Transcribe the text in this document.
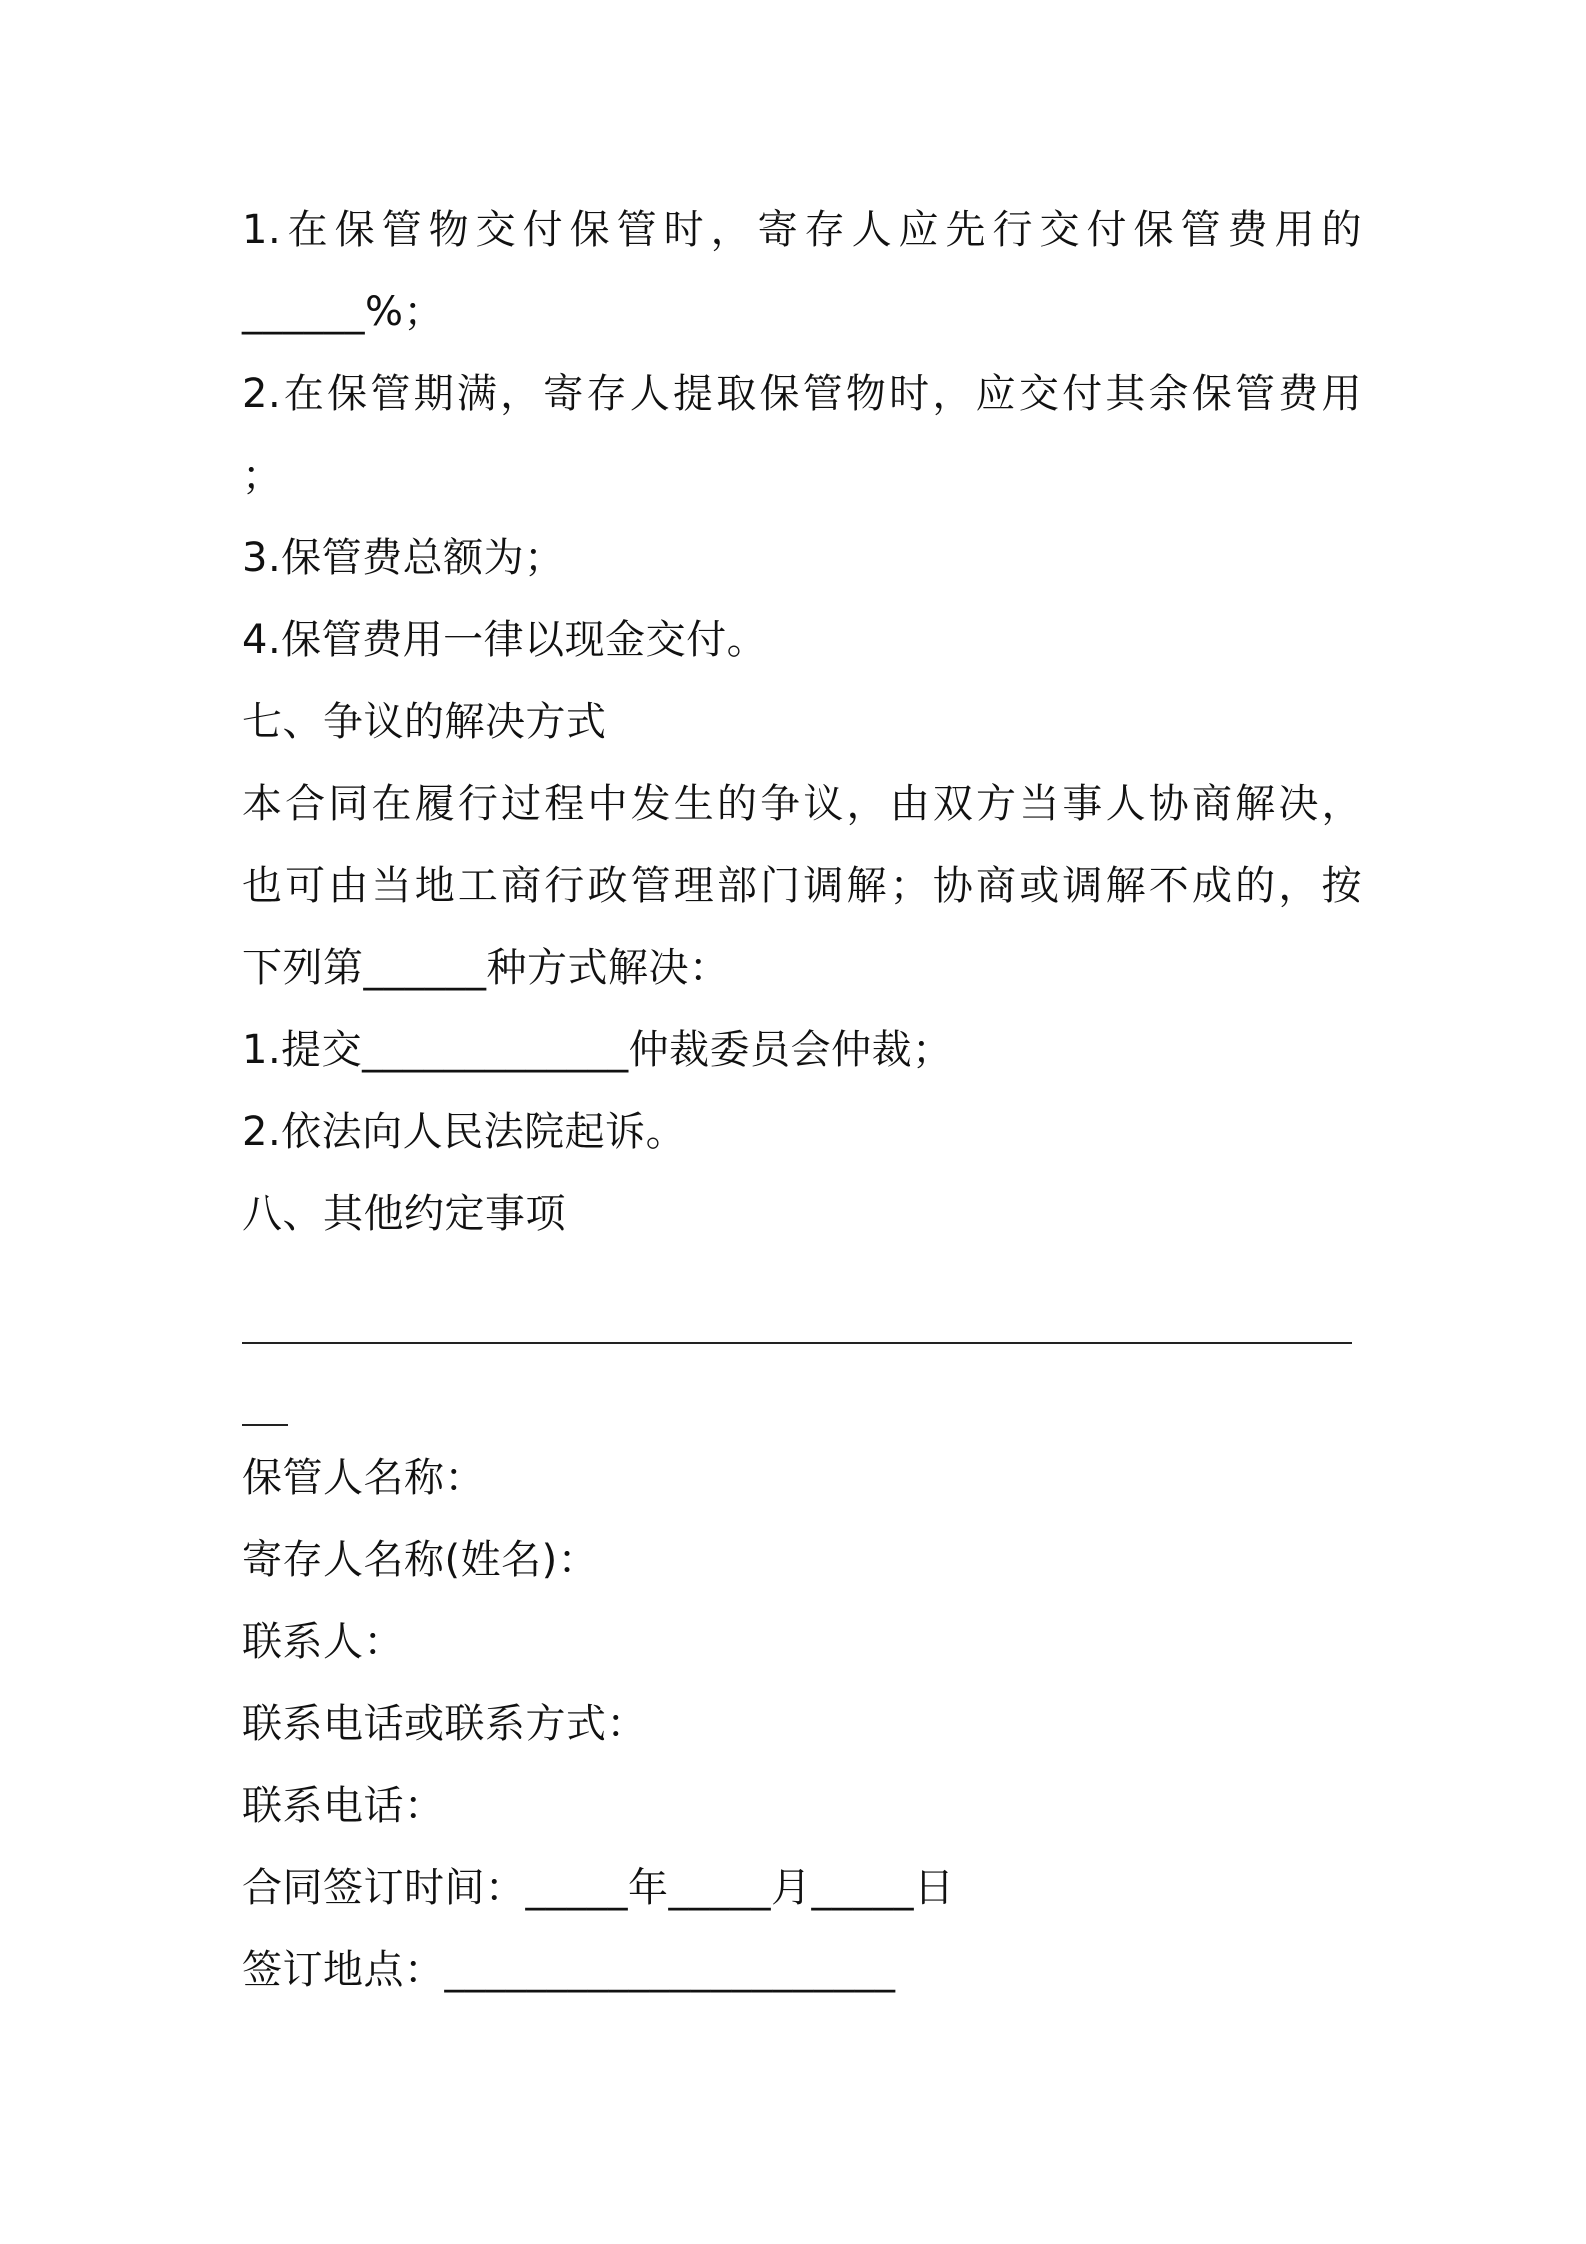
1.在保管物交付保管时，寄存人应先行交付保管费用的
______%；
2.在保管期满，寄存人提取保管物时，应交付其余保管费用
；
3.保管费总额为；
4.保管费用一律以现金交付。
七、争议的解决方式
本合同在履行过程中发生的争议，由双方当事人协商解决，
也可由当地工商行政管理部门调解；协商或调解不成的，按
下列第______种方式解决：
1.提交_____________仲裁委员会仲裁；
2.依法向人民法院起诉。
八、其他约定事项
保管人名称：
寄存人名称(姓名)：
联系人：
联系电话或联系方式：
联系电话：
合同签订时间：_____年_____月_____日
签订地点：______________________
